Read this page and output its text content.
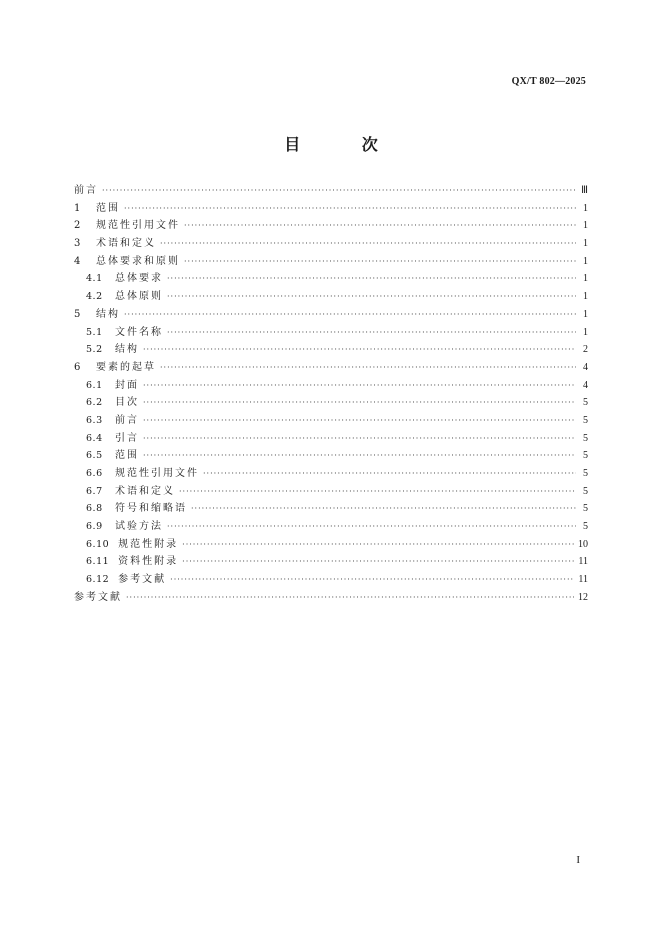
QX/T 802—2025
目 次
前言 ·····	Ⅲ
1	范围 ·····	1
2	规范性引用文件 ·····	1
3	术语和定义 ·····	1
4	总体要求和原则 ·····	1
4.1	总体要求 ·····	1
4.2	总体原则 ·····	1
5	结构 ·····	1
5.1	文件名称 ·····	1
5.2	结构 ·····	2
6	要素的起草 ·····	4
6.1	封面 ·····	4
6.2	目次 ·····	5
6.3	前言 ·····	5
6.4	引言 ·····	5
6.5	范围 ·····	5
6.6	规范性引用文件 ·····	5
6.7	术语和定义 ·····	5
6.8	符号和缩略语 ·····	5
6.9	试验方法 ·····	5
6.10 规范性附录 ·····	10
6.11 资料性附录 ·····	11
6.12 参考文献 ·····	11
参考文献 ·····	12
I
